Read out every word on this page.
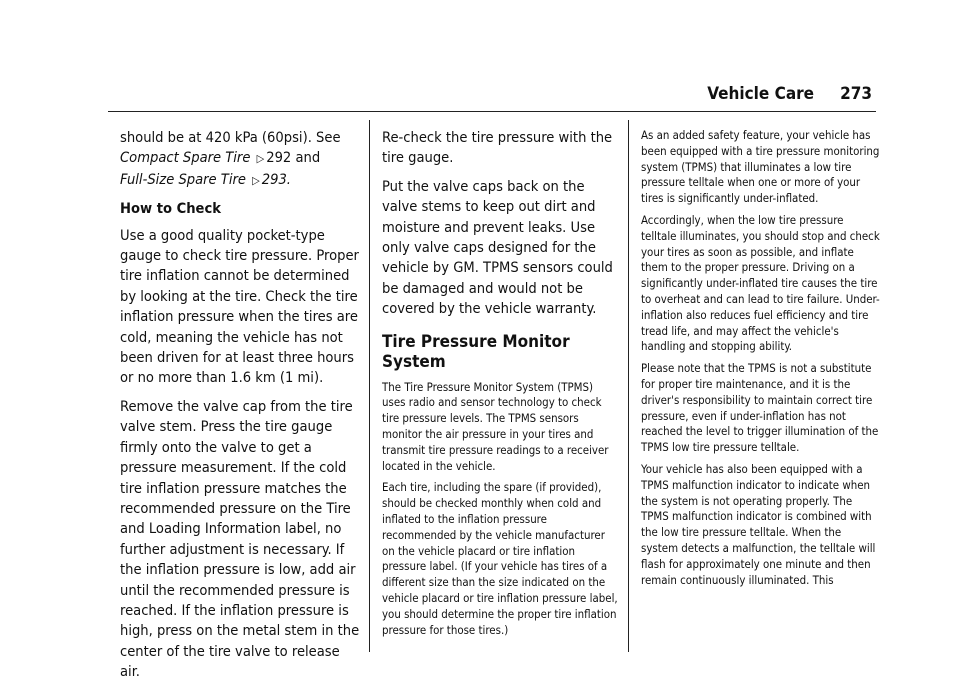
Vehicle Care 273

should be at 420 kPa (60psi). See
Compact Spare Tire ▷ 292 and
Full-Size Spare Tire ▷ 293.

How to Check

Use a good quality pocket-type gauge to check tire pressure. Proper tire inflation cannot be determined by looking at the tire. Check the tire inflation pressure when the tires are cold, meaning the vehicle has not been driven for at least three hours or no more than 1.6 km (1 mi).

Remove the valve cap from the tire valve stem. Press the tire gauge firmly onto the valve to get a pressure measurement. If the cold tire inflation pressure matches the recommended pressure on the Tire and Loading Information label, no further adjustment is necessary. If the inflation pressure is low, add air until the recommended pressure is reached. If the inflation pressure is high, press on the metal stem in the center of the tire valve to release air.

Re-check the tire pressure with the tire gauge.

Put the valve caps back on the valve stems to keep out dirt and moisture and prevent leaks. Use only valve caps designed for the vehicle by GM. TPMS sensors could be damaged and would not be covered by the vehicle warranty.

Tire Pressure Monitor System

The Tire Pressure Monitor System (TPMS) uses radio and sensor technology to check tire pressure levels. The TPMS sensors monitor the air pressure in your tires and transmit tire pressure readings to a receiver located in the vehicle.

Each tire, including the spare (if provided), should be checked monthly when cold and inflated to the inflation pressure recommended by the vehicle manufacturer on the vehicle placard or tire inflation pressure label. (If your vehicle has tires of a different size than the size indicated on the vehicle placard or tire inflation pressure label, you should determine the proper tire inflation pressure for those tires.)

As an added safety feature, your vehicle has been equipped with a tire pressure monitoring system (TPMS) that illuminates a low tire pressure telltale when one or more of your tires is significantly under-inflated.

Accordingly, when the low tire pressure telltale illuminates, you should stop and check your tires as soon as possible, and inflate them to the proper pressure. Driving on a significantly under-inflated tire causes the tire to overheat and can lead to tire failure. Under-inflation also reduces fuel efficiency and tire tread life, and may affect the vehicle's handling and stopping ability.

Please note that the TPMS is not a substitute for proper tire maintenance, and it is the driver's responsibility to maintain correct tire pressure, even if under-inflation has not reached the level to trigger illumination of the TPMS low tire pressure telltale.

Your vehicle has also been equipped with a TPMS malfunction indicator to indicate when the system is not operating properly. The TPMS malfunction indicator is combined with the low tire pressure telltale. When the system detects a malfunction, the telltale will flash for approximately one minute and then remain continuously illuminated. This
